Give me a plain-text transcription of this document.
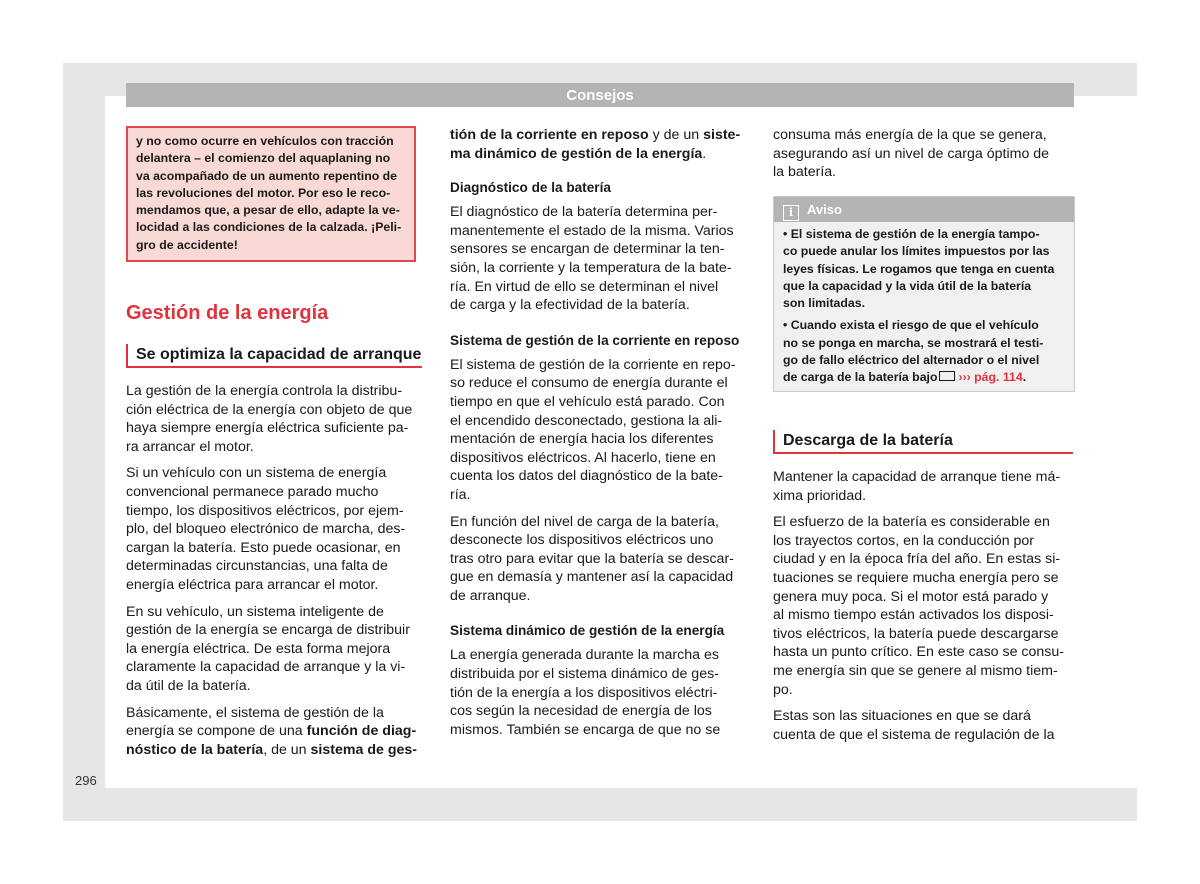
Consejos
y no como ocurre en vehículos con tracción
delantera – el comienzo del aquaplaning no
va acompañado de un aumento repentino de
las revoluciones del motor. Por eso le reco-
mendamos que, a pesar de ello, adapte la ve-
locidad a las condiciones de la calzada. ¡Peli-
gro de accidente!
Gestión de la energía
Se optimiza la capacidad de arranque

La gestión de la energía controla la distribu-
ción eléctrica de la energía con objeto de que
haya siempre energía eléctrica suficiente pa-
ra arrancar el motor.

Si un vehículo con un sistema de energía
convencional permanece parado mucho
tiempo, los dispositivos eléctricos, por ejem-
plo, del bloqueo electrónico de marcha, des-
cargan la batería. Esto puede ocasionar, en
determinadas circunstancias, una falta de
energía eléctrica para arrancar el motor.

En su vehículo, un sistema inteligente de
gestión de la energía se encarga de distribuir
la energía eléctrica. De esta forma mejora
claramente la capacidad de arranque y la vi-
da útil de la batería.

Básicamente, el sistema de gestión de la
energía se compone de una función de diag-
nóstico de la batería, de un sistema de ges-

tión de la corriente en reposo y de un siste-
ma dinámico de gestión de la energía.

Diagnóstico de la batería

El diagnóstico de la batería determina per-
manentemente el estado de la misma. Varios
sensores se encargan de determinar la ten-
sión, la corriente y la temperatura de la bate-
ría. En virtud de ello se determinan el nivel
de carga y la efectividad de la batería.

Sistema de gestión de la corriente en reposo

El sistema de gestión de la corriente en repo-
so reduce el consumo de energía durante el
tiempo en que el vehículo está parado. Con
el encendido desconectado, gestiona la ali-
mentación de energía hacia los diferentes
dispositivos eléctricos. Al hacerlo, tiene en
cuenta los datos del diagnóstico de la bate-
ría.

En función del nivel de carga de la batería,
desconecte los dispositivos eléctricos uno
tras otro para evitar que la batería se descar-
gue en demasía y mantener así la capacidad
de arranque.

Sistema dinámico de gestión de la energía

La energía generada durante la marcha es
distribuida por el sistema dinámico de ges-
tión de la energía a los dispositivos eléctri-
cos según la necesidad de energía de los
mismos. También se encarga de que no se

consuma más energía de la que se genera,
asegurando así un nivel de carga óptimo de
la batería.

i Aviso
• El sistema de gestión de la energía tampo-
co puede anular los límites impuestos por las
leyes físicas. Le rogamos que tenga en cuenta
que la capacidad y la vida útil de la batería
son limitadas.
• Cuando exista el riesgo de que el vehículo
no se ponga en marcha, se mostrará el testi-
go de fallo eléctrico del alternador o el nivel
de carga de la batería bajo ››› pág. 114.
Descarga de la batería

Mantener la capacidad de arranque tiene má-
xima prioridad.

El esfuerzo de la batería es considerable en
los trayectos cortos, en la conducción por
ciudad y en la época fría del año. En estas si-
tuaciones se requiere mucha energía pero se
genera muy poca. Si el motor está parado y
al mismo tiempo están activados los disposi-
tivos eléctricos, la batería puede descargarse
hasta un punto crítico. En este caso se consu-
me energía sin que se genere al mismo tiem-
po.

Estas son las situaciones en que se dará
cuenta de que el sistema de regulación de la

296
